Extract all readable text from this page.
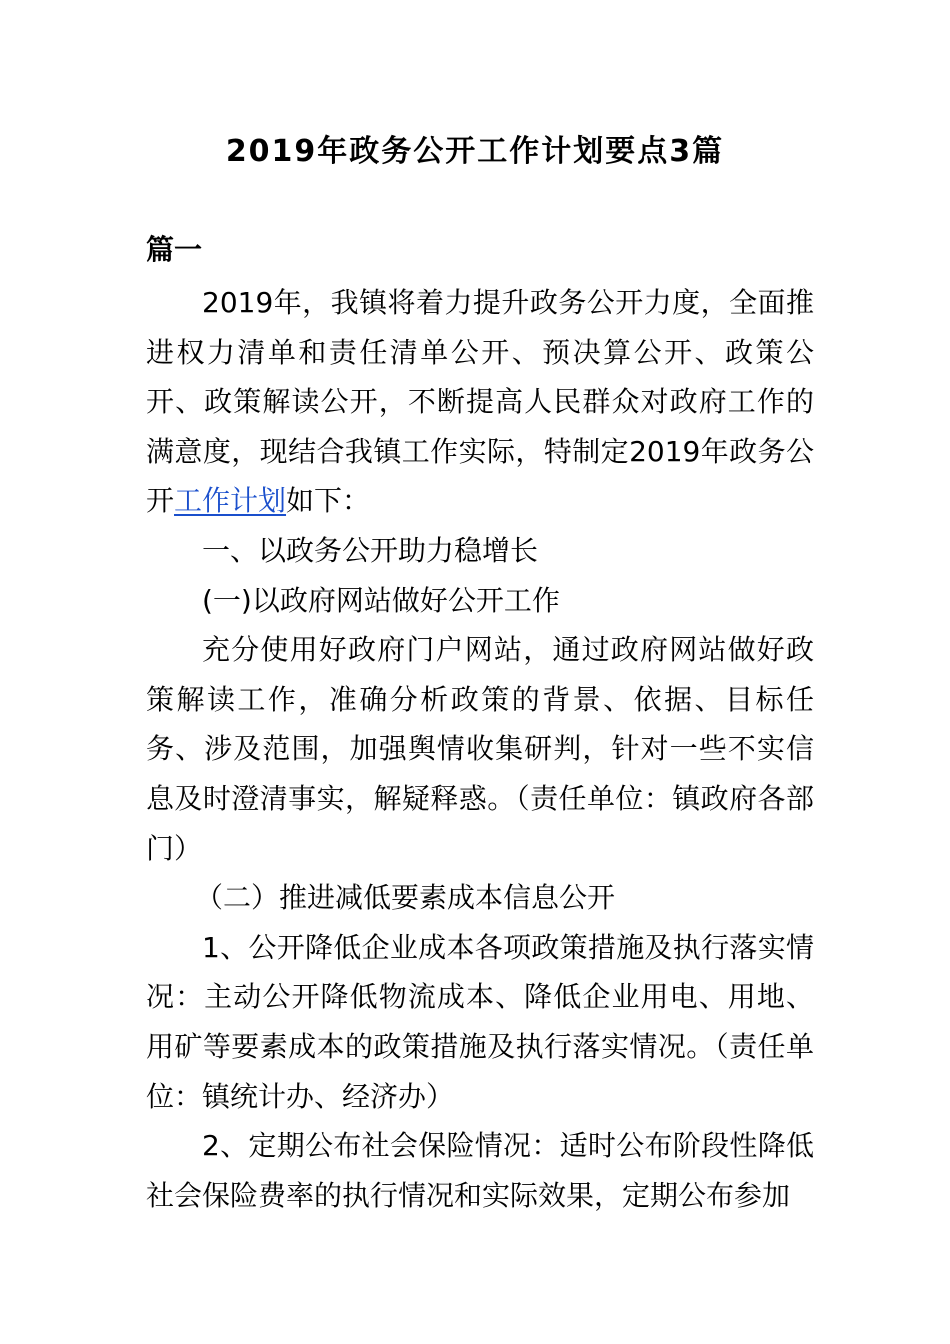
2019年政务公开工作计划要点3篇
篇一

2019年，我镇将着力提升政务公开力度，全面推进权力清单和责任清单公开、预决算公开、政策公开、政策解读公开，不断提高人民群众对政府工作的满意度，现结合我镇工作实际，特制定2019年政务公开工作计划如下：

一、以政务公开助力稳增长

(一)以政府网站做好公开工作

充分使用好政府门户网站，通过政府网站做好政策解读工作，准确分析政策的背景、依据、目标任务、涉及范围，加强舆情收集研判，针对一些不实信息及时澄清事实，解疑释惑。（责任单位：镇政府各部门）

（二）推进减低要素成本信息公开

1、公开降低企业成本各项政策措施及执行落实情况：主动公开降低物流成本、降低企业用电、用地、用矿等要素成本的政策措施及执行落实情况。（责任单位：镇统计办、经济办）

2、定期公布社会保险情况：适时公布阶段性降低社会保险费率的执行情况和实际效果，定期公布参加
